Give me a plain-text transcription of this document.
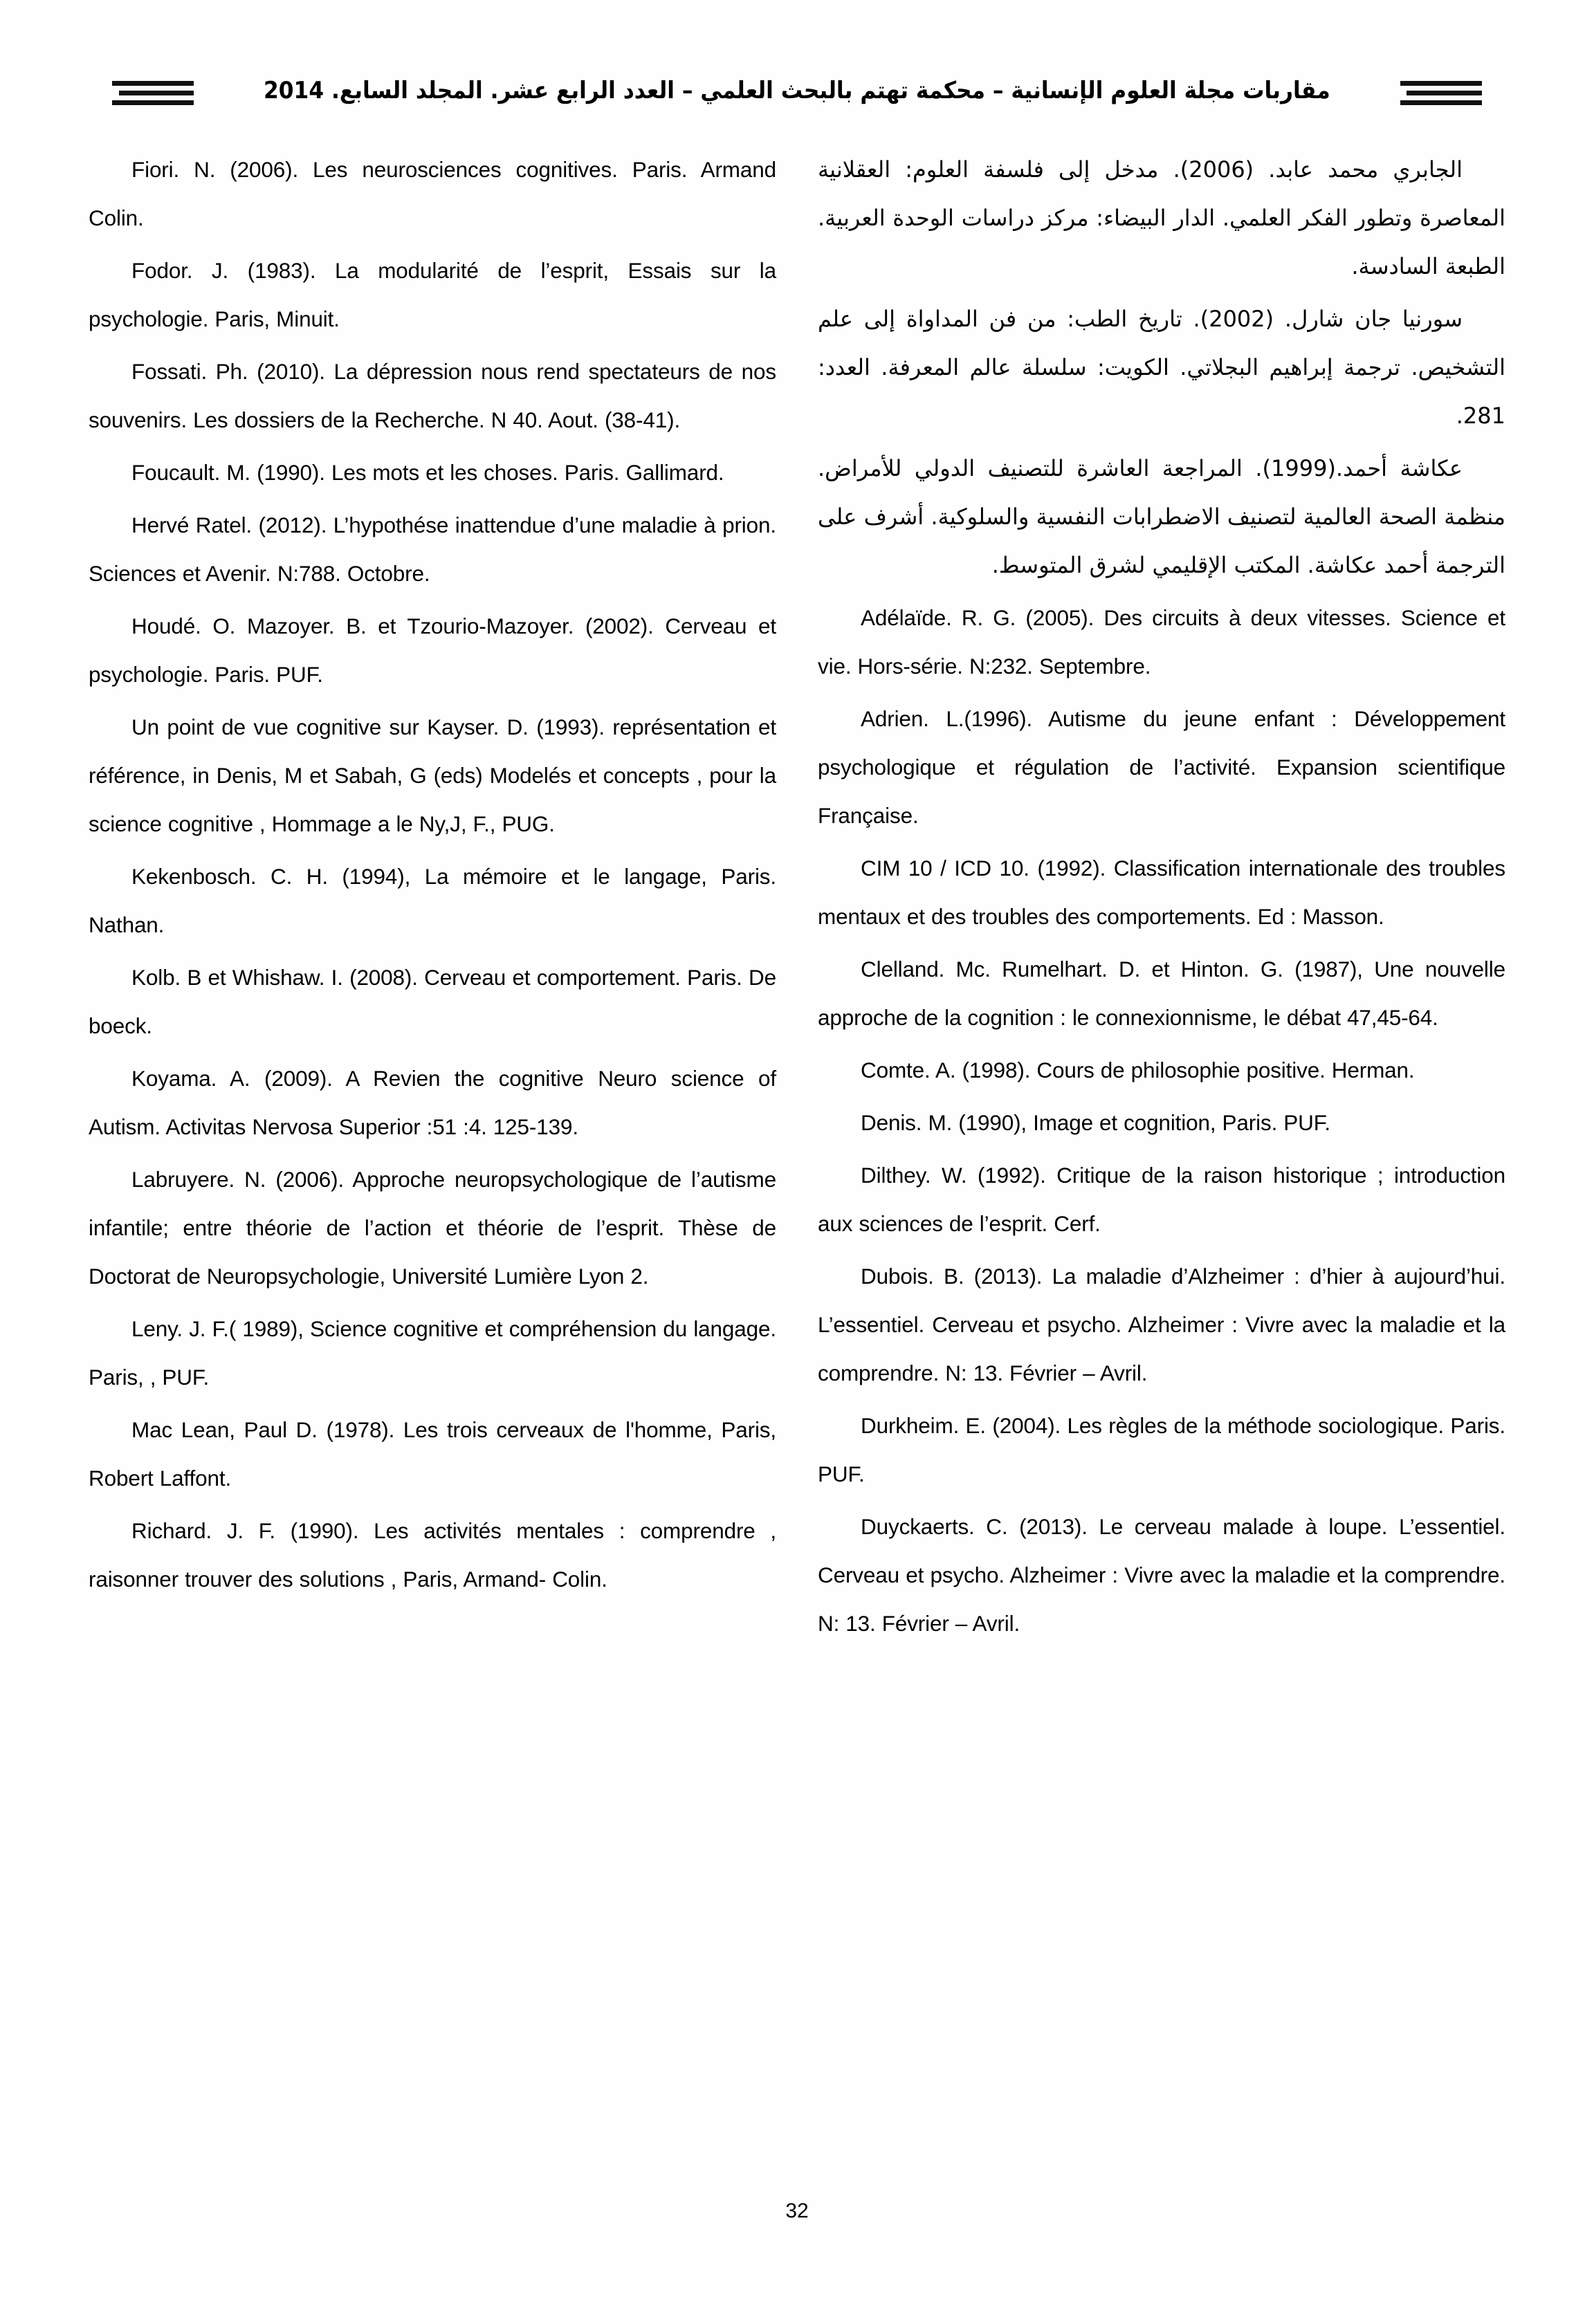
مقاربات مجلة العلوم الإنسانية – محكمة تهتم بالبحث العلمي – العدد الرابع عشر. المجلد السابع. 2014

الجابري محمد عابد. (2006). مدخل إلى فلسفة العلوم: العقلانية المعاصرة وتطور الفكر العلمي. الدار البيضاء: مركز دراسات الوحدة العربية. الطبعة السادسة.

سورنيا جان شارل. (2002). تاريخ الطب: من فن المداواة إلى علم التشخيص. ترجمة إبراهيم البجلاتي. الكويت: سلسلة عالم المعرفة. العدد: 281.

عكاشة أحمد.(1999). المراجعة العاشرة للتصنيف الدولي للأمراض. منظمة الصحة العالمية لتصنيف الاضطرابات النفسية والسلوكية. أشرف على الترجمة أحمد عكاشة. المكتب الإقليمي لشرق المتوسط.

Adélaïde. R. G. (2005). Des circuits à deux vitesses. Science et vie. Hors-série. N:232. Septembre.

Adrien. L.(1996). Autisme du jeune enfant : Développement psychologique et régulation de l’activité. Expansion scientifique Française.

CIM 10 / ICD 10. (1992). Classification internationale des troubles mentaux et des troubles des comportements. Ed : Masson.

Clelland. Mc. Rumelhart. D. et Hinton. G. (1987), Une nouvelle approche de la cognition : le connexionnisme, le débat 47,45-64.

Comte. A. (1998). Cours de philosophie positive. Herman.

Denis. M. (1990), Image et cognition, Paris. PUF.

Dilthey. W. (1992). Critique de la raison historique ; introduction aux sciences de l’esprit. Cerf.

Dubois. B. (2013). La maladie d’Alzheimer : d’hier à aujourd’hui. L’essentiel. Cerveau et psycho. Alzheimer : Vivre avec la maladie et la comprendre. N: 13. Février – Avril.

Durkheim. E. (2004). Les règles de la méthode sociologique. Paris. PUF.

Duyckaerts. C. (2013). Le cerveau malade à loupe. L’essentiel. Cerveau et psycho. Alzheimer : Vivre avec la maladie et la comprendre. N: 13. Février – Avril.

Fiori. N. (2006). Les neurosciences cognitives. Paris. Armand Colin.

Fodor. J. (1983). La modularité de l’esprit, Essais sur la psychologie. Paris, Minuit.

Fossati. Ph. (2010). La dépression nous rend spectateurs de nos souvenirs. Les dossiers de la Recherche. N 40. Aout. (38-41).

Foucault. M. (1990). Les mots et les choses. Paris. Gallimard.

Hervé Ratel. (2012). L’hypothése inattendue d’une maladie à prion. Sciences et Avenir. N:788. Octobre.

Houdé. O. Mazoyer. B. et Tzourio-Mazoyer. (2002). Cerveau et psychologie. Paris. PUF.

Un point de vue cognitive sur Kayser. D. (1993). représentation et référence, in Denis, M et Sabah, G (eds) Modelés et concepts , pour la science cognitive , Hommage a le Ny,J, F., PUG.

Kekenbosch. C. H. (1994), La mémoire et le langage, Paris. Nathan.

Kolb. B et Whishaw. I. (2008). Cerveau et comportement. Paris. De boeck.

Koyama. A. (2009). A Revien the cognitive Neuro science of Autism. Activitas Nervosa Superior :51 :4. 125-139.

Labruyere. N. (2006). Approche neuropsychologique de l’autisme infantile; entre théorie de l’action et théorie de l’esprit. Thèse de Doctorat de Neuropsychologie, Université Lumière Lyon 2.

Leny. J. F.( 1989), Science cognitive et compréhension du langage. Paris, , PUF.

Mac Lean, Paul D. (1978). Les trois cerveaux de l'homme, Paris, Robert Laffont.

Richard. J. F. (1990). Les activités mentales : comprendre , raisonner trouver des solutions , Paris, Armand- Colin.

32
